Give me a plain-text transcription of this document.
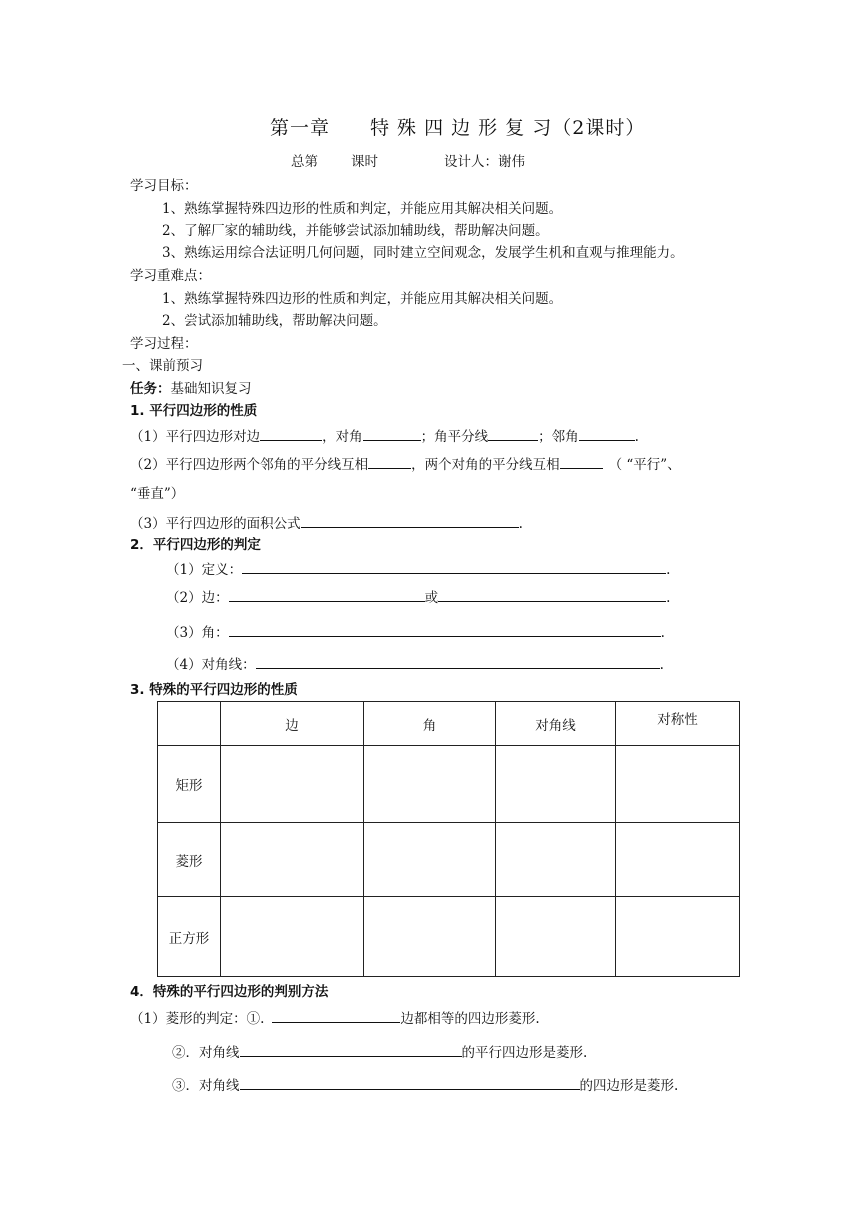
第一章　　特 殊 四 边 形 复 习（2课时）
总第 课时	设计人：谢伟
学习目标：
1、熟练掌握特殊四边形的性质和判定，并能应用其解决相关问题。
2、了解厂家的辅助线，并能够尝试添加辅助线，帮助解决问题。
3、熟练运用综合法证明几何问题，同时建立空间观念，发展学生机和直观与推理能力。
学习重难点：
1、熟练掌握特殊四边形的性质和判定，并能应用其解决相关问题。
2、尝试添加辅助线，帮助解决问题。
学习过程：
一、课前预习
任务：基础知识复习
1. 平行四边形的性质
（1）平行四边形对边	，对角	；角平分线	；邻角	.
（2）平行四边形两个邻角的平分线互相	，两个对角的平分线互相	（ “平行”、
“垂直”）
（3）平行四边形的面积公式	.
2．平行四边形的判定
（1）定义：	.
（2）边：	或	.
（3）角：	.
（4）对角线：	.
3. 特殊的平行四边形的性质
	边	角	对角线	对称性
矩形				
菱形				
正方形				
4．特殊的平行四边形的判别方法
（1）菱形的判定：①.	边都相等的四边形菱形.
②．对角线	的平行四边形是菱形.
③．对角线	的四边形是菱形.
